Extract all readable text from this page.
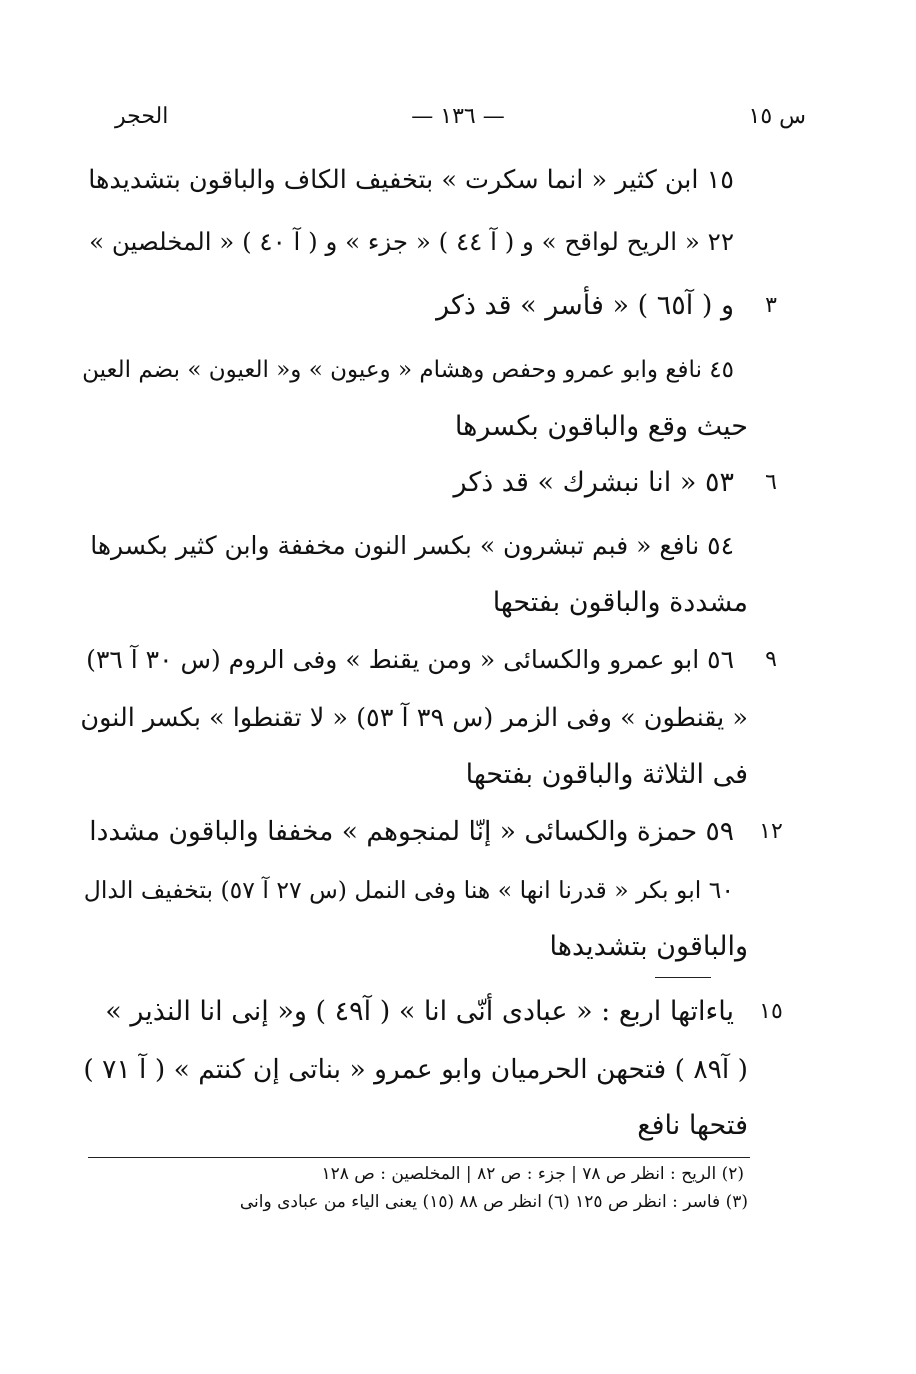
س ١٥
— ١٣٦ —
الحجر
١٥ ابن كثير « انما سكرت » بتخفيف الكاف والباقون بتشديدها
٢٢ « الريح لواقح » و ( آ ٤٤ ) « جزء » و ( آ ٤٠ ) « المخلصين »
٣
و ( آ٦٥ ) « فأسر » قد ذكر
٤٥ نافع وابو عمرو وحفص وهشام « وعيون » و« العيون » بضم العين
حيث وقع والباقون بكسرها
٦
٥٣ « انا نبشرك » قد ذكر
٥٤ نافع « فبم تبشرون » بكسر النون مخففة وابن كثير بكسرها
مشددة والباقون بفتحها
٩
٥٦ ابو عمرو والكسائى « ومن يقنط » وفى الروم (س ٣٠ آ ٣٦)
« يقنطون » وفى الزمر (س ٣٩ آ ٥٣) « لا تقنطوا » بكسر النون
فى الثلاثة والباقون بفتحها
١٢
٥٩ حمزة والكسائى « إنّا لمنجوهم » مخففا والباقون مشددا
٦٠ ابو بكر « قدرنا انها » هنا وفى النمل (س ٢٧ آ ٥٧) بتخفيف الدال
والباقون بتشديدها
١٥
ياءاتها اربع : « عبادى أنّى انا » ( آ٤٩ ) و« إنى انا النذير »
( آ٨٩ ) فتحهن الحرميان وابو عمرو « بناتى إن كنتم » ( آ ٧١ )
فتحها نافع
(٢) الريح : انظر ص ٧٨ | جزء : ص ٨٢ | المخلصين : ص ١٢٨
(٣) فاسر : انظر ص ١٢٥ (٦) انظر ص ٨٨ (١٥) يعنى الياء من عبادى وانى
